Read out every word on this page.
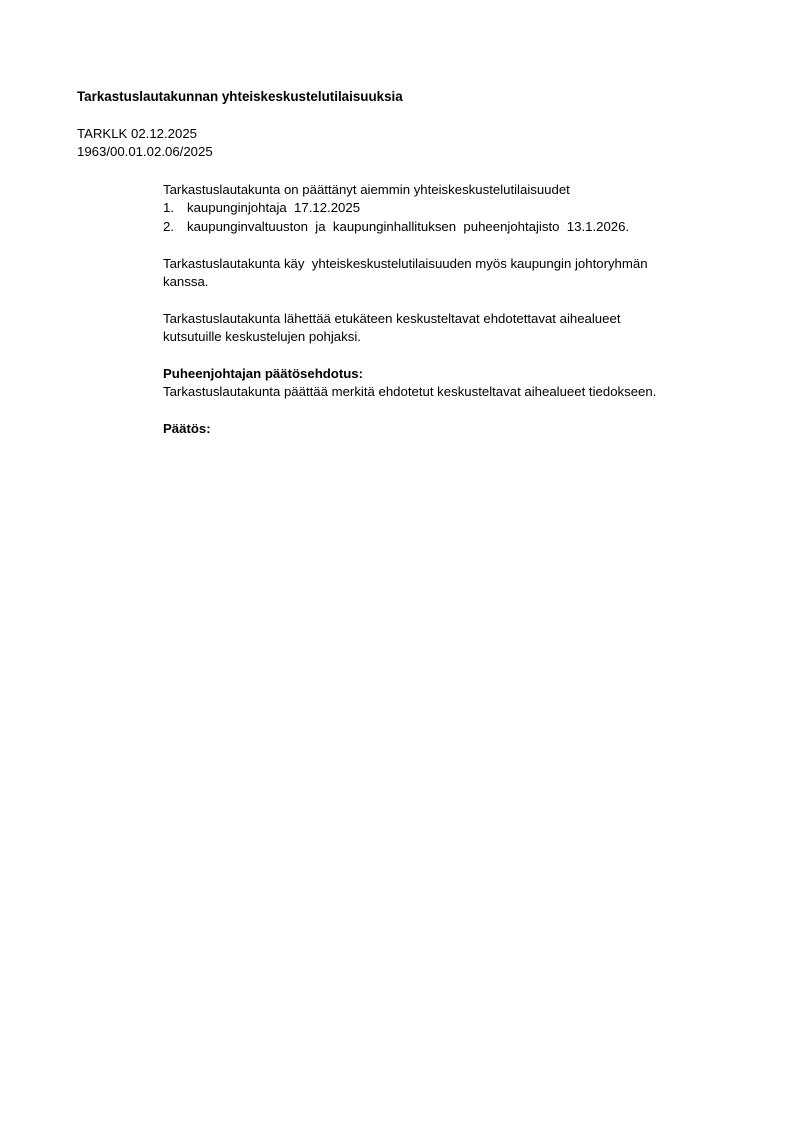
Tarkastuslautakunnan yhteiskeskustelutilaisuuksia
TARKLK 02.12.2025
1963/00.01.02.06/2025
Tarkastuslautakunta on päättänyt aiemmin yhteiskeskustelutilaisuudet
1. kaupunginjohtaja  17.12.2025
2. kaupunginvaltuuston  ja  kaupunginhallituksen  puheenjohtajisto  13.1.2026.
Tarkastuslautakunta käy  yhteiskeskustelutilaisuuden myös kaupungin johtoryhmän
kanssa.
Tarkastuslautakunta lähettää etukäteen keskusteltavat ehdotettavat aihealueet
kutsutuille keskustelujen pohjaksi.
Puheenjohtajan päätösehdotus:
Tarkastuslautakunta päättää merkitä ehdotetut keskusteltavat aihealueet tiedokseen.
Päätös:
